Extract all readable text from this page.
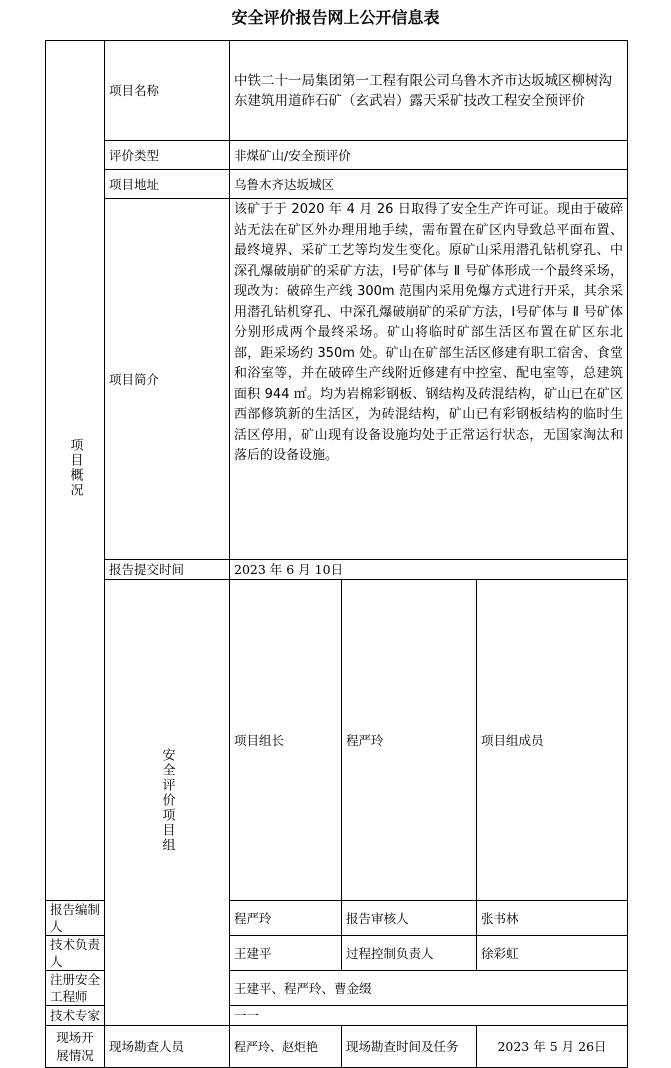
安全评价报告网上公开信息表
项目概况	项目名称	中铁二十一局集团第一工程有限公司乌鲁木齐市达坂城区柳树沟东建筑用道砟石矿（玄武岩）露天采矿技改工程安全预评价			
	评价类型	非煤矿山/安全预评价			
	项目地址	乌鲁木齐达坂城区			
	项目简介	该矿于于 2020 年 4 月 26 日取得了安全生产许可证。现由于破碎站无法在矿区外办理用地手续，需布置在矿区内导致总平面布置、最终境界、采矿工艺等均发生变化。原矿山采用潜孔钻机穿孔、中深孔爆破崩矿的采矿方法，Ⅰ号矿体与 Ⅱ 号矿体形成一个最终采场，现改为：破碎生产线 300m 范围内采用免爆方式进行开采，其余采用潜孔钻机穿孔、中深孔爆破崩矿的采矿方法，Ⅰ号矿体与 Ⅱ 号矿体分别形成两个最终采场。矿山将临时矿部生活区布置在矿区东北部，距采场约 350m 处。矿山在矿部生活区修建有职工宿舍、食堂和浴室等，并在破碎生产线附近修建有中控室、配电室等，总建筑面积 944 ㎡。均为岩棉彩钢板、钢结构及砖混结构，矿山已在矿区西部修筑新的生活区，为砖混结构，矿山已有彩钢板结构的临时生活区停用，矿山现有设备设施均处于正常运行状态，无国家淘汰和落后的设备设施。			
	报告提交时间	2023 年 6 月 10日			
	安全评价项目组	项目组长	程严玲	项目组成员	
报告编制人		程严玲	报告审核人	张书林	
技术负责人		王建平	过程控制负责人	徐彩虹	
注册安全工程师		王建平、程严玲、曹金缀			
技术专家		一一			
现场开展情况	现场勘查人员	程严玲、赵炬艳	现场勘查时间及任务	2023 年 5 月 26日	
